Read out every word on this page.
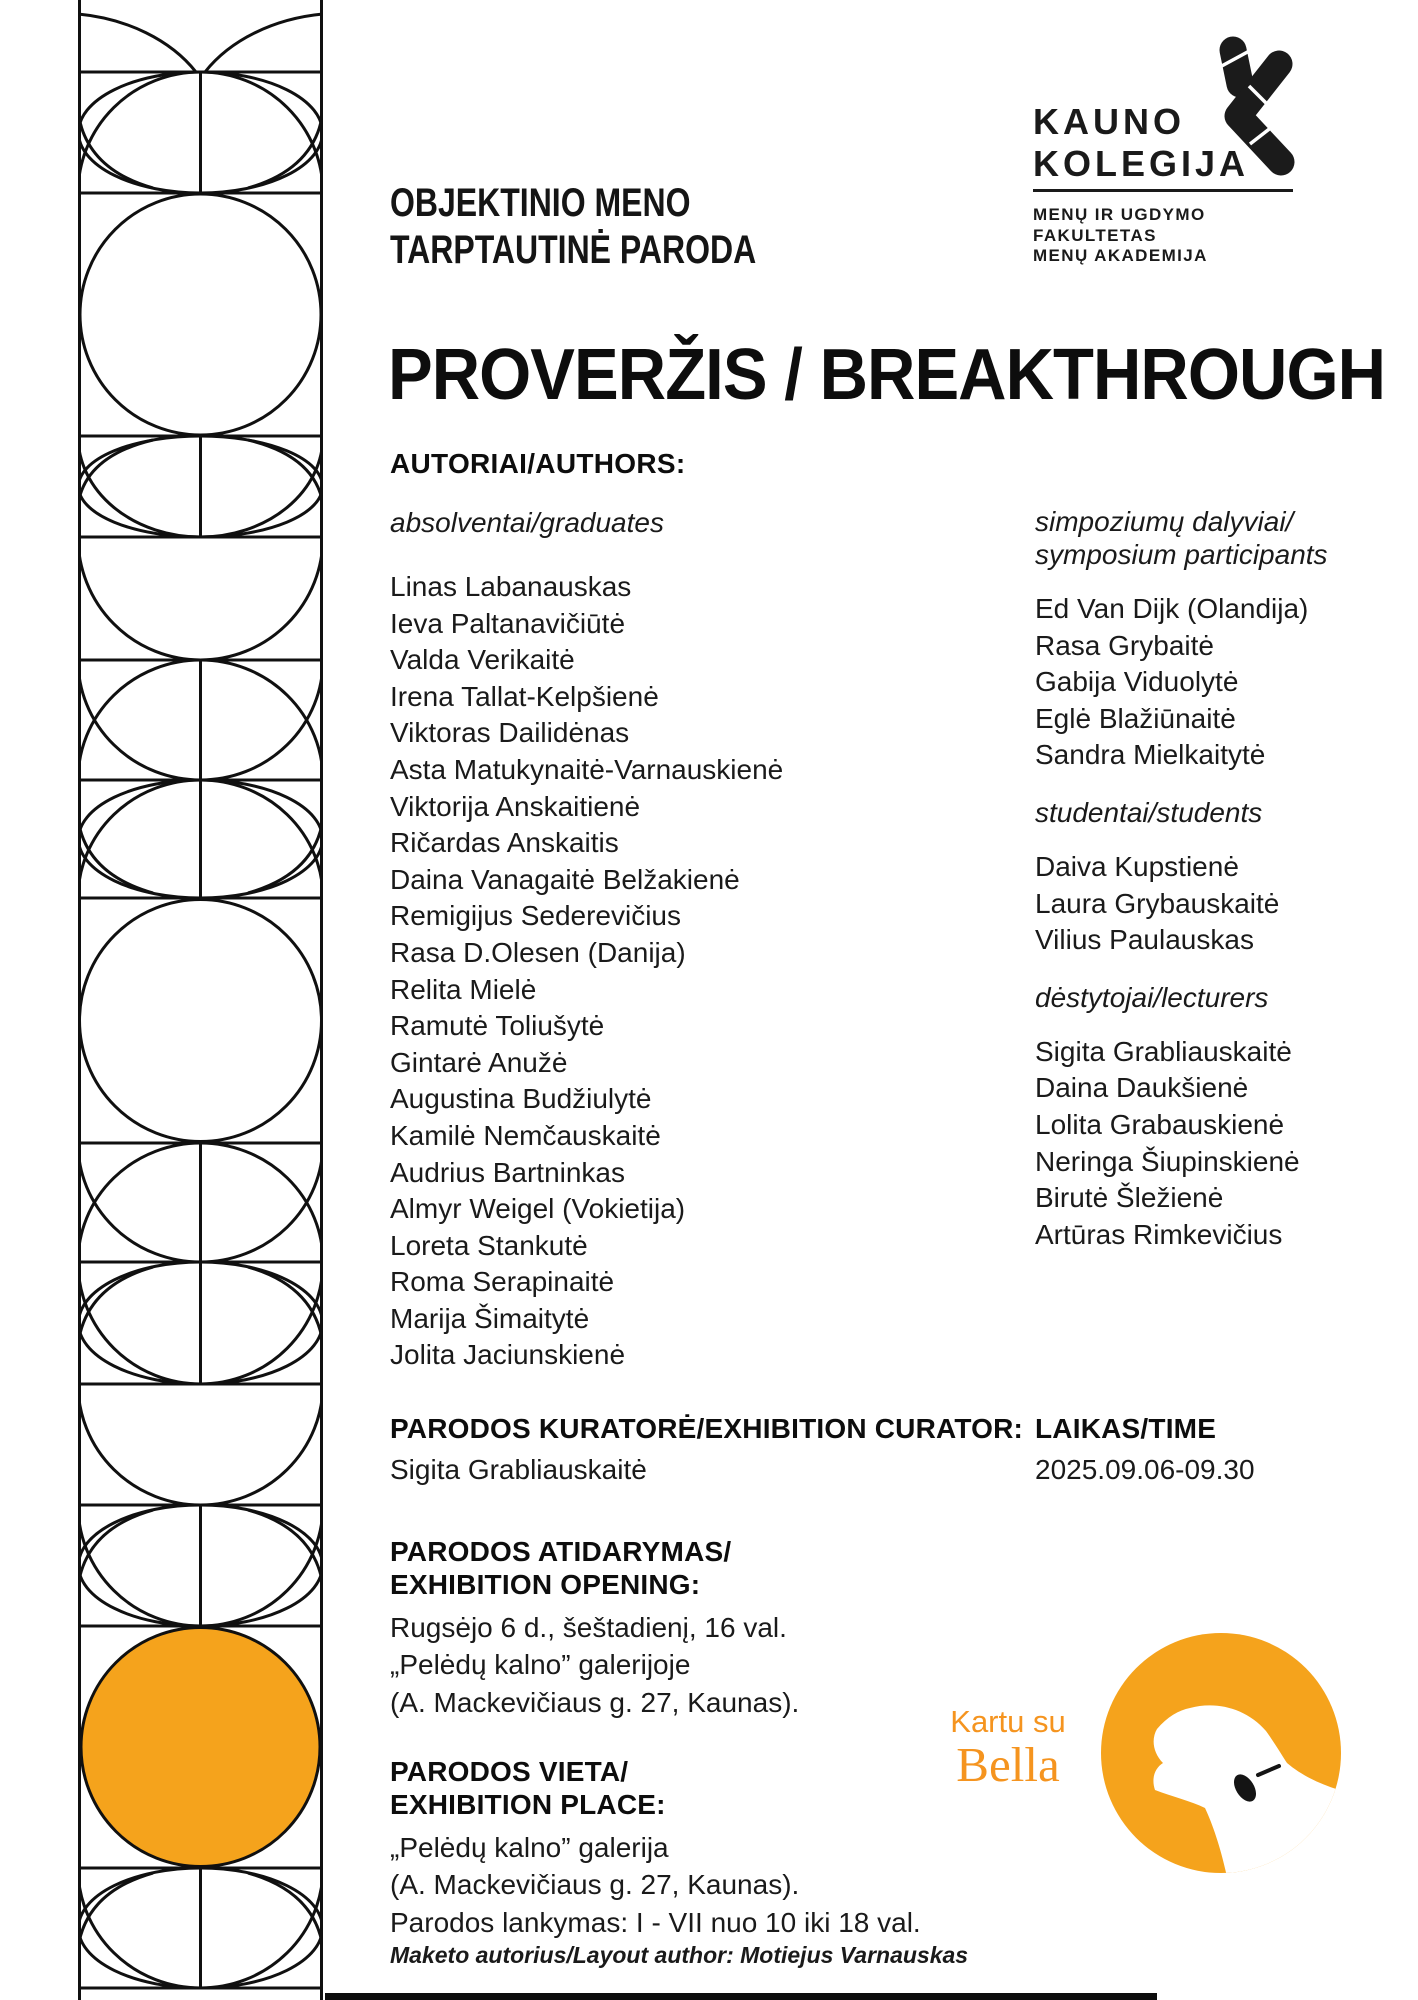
KAUNO
KOLEGIJA
MENŲ IR UGDYMO
FAKULTETAS
MENŲ AKADEMIJA
OBJEKTINIO MENO
TARPTAUTINĖ PARODA
PROVERŽIS / BREAKTHROUGH
AUTORIAI/AUTHORS:
absolventai/graduates
Linas Labanauskas
Ieva Paltanavičiūtė
Valda Verikaitė
Irena Tallat-Kelpšienė
Viktoras Dailidėnas
Asta Matukynaitė-Varnauskienė
Viktorija Anskaitienė
Ričardas Anskaitis
Daina Vanagaitė Belžakienė
Remigijus Sederevičius
Rasa D.Olesen (Danija)
Relita Mielė
Ramutė Toliušytė
Gintarė Anužė
Augustina Budžiulytė
Kamilė Nemčauskaitė
Audrius Bartninkas
Almyr Weigel (Vokietija)
Loreta Stankutė
Roma Serapinaitė
Marija Šimaitytė
Jolita Jaciunskienė
simpoziumų dalyviai/
symposium participants
Ed Van Dijk (Olandija)
Rasa Grybaitė
Gabija Viduolytė
Eglė Blažiūnaitė
Sandra Mielkaitytė
studentai/students
Daiva Kupstienė
Laura Grybauskaitė
Vilius Paulauskas
dėstytojai/lecturers
Sigita Grabliauskaitė
Daina Daukšienė
Lolita Grabauskienė
Neringa Šiupinskienė
Birutė Šležienė
Artūras Rimkevičius
PARODOS KURATORĖ/EXHIBITION CURATOR:
Sigita Grabliauskaitė
LAIKAS/TIME
2025.09.06-09.30
PARODOS ATIDARYMAS/
EXHIBITION OPENING:
Rugsėjo 6 d., šeštadienį, 16 val.
„Pelėdų kalno” galerijoje
(A. Mackevičiaus g. 27, Kaunas).
PARODOS VIETA/
EXHIBITION PLACE:
„Pelėdų kalno” galerija
(A. Mackevičiaus g. 27, Kaunas).
Parodos lankymas: I - VII nuo 10 iki 18 val.
Maketo autorius/Layout author: Motiejus Varnauskas
Kartu su
Bella
